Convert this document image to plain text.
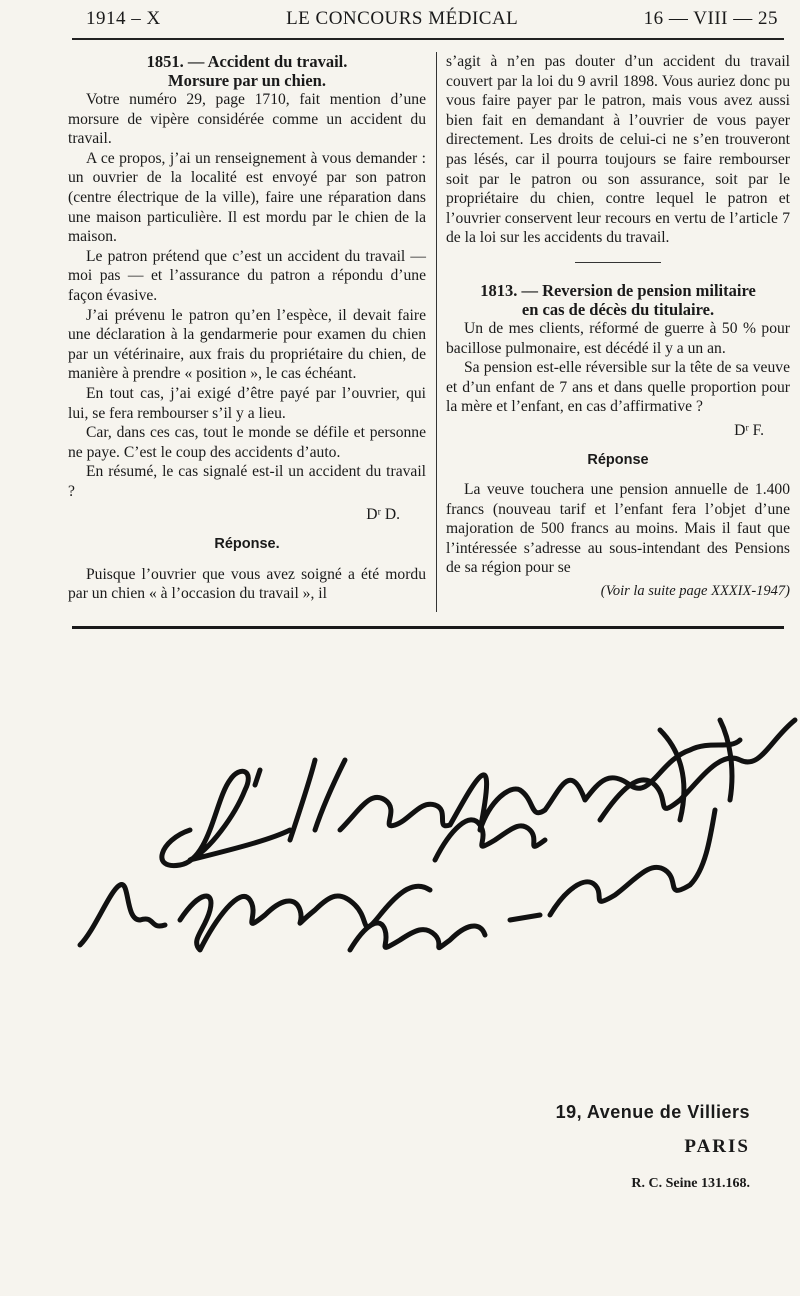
1914 – X	LE CONCOURS MÉDICAL	16 — VIII — 25

1851. — Accident du travail.
Morsure par un chien.

Votre numéro 29, page 1710, fait mention d’une morsure de vipère considérée comme un accident du travail.

A ce propos, j’ai un renseignement à vous demander : un ouvrier de la localité est envoyé par son patron (centre électrique de la ville), faire une réparation dans une maison particulière. Il est mordu par le chien de la maison.

Le patron prétend que c’est un accident du travail — moi pas — et l’assurance du patron a répondu d’une façon évasive.

J’ai prévenu le patron qu’en l’espèce, il devait faire une déclaration à la gendarmerie pour examen du chien par un vétérinaire, aux frais du propriétaire du chien, de manière à prendre « position », le cas échéant.

En tout cas, j’ai exigé d’être payé par l’ouvrier, qui lui, se fera rembourser s’il y a lieu.

Car, dans ces cas, tout le monde se défile et personne ne paye. C’est le coup des accidents d’auto.

En résumé, le cas signalé est-il un accident du travail ?

Dʳ D.

Réponse.

Puisque l’ouvrier que vous avez soigné a été mordu par un chien « à l’occasion du travail », il

s’agit à n’en pas douter d’un accident du travail couvert par la loi du 9 avril 1898. Vous auriez donc pu vous faire payer par le patron, mais vous avez aussi bien fait en demandant à l’ouvrier de vous payer directement. Les droits de celui-ci ne s’en trouveront pas lésés, car il pourra toujours se faire rembourser soit par le patron ou son assurance, soit par le propriétaire du chien, contre lequel le patron et l’ouvrier conservent leur recours en vertu de l’article 7 de la loi sur les accidents du travail.

1813. — Reversion de pension militaire
en cas de décès du titulaire.

Un de mes clients, réformé de guerre à 50 % pour bacillose pulmonaire, est décédé il y a un an.

Sa pension est-elle réversible sur la tête de sa veuve et d’un enfant de 7 ans et dans quelle proportion pour la mère et l’enfant, en cas d’affirmative ?

Dʳ F.

Réponse

La veuve touchera une pension annuelle de 1.400 francs (nouveau tarif et l’enfant fera l’objet d’une majoration de 500 francs au moins. Mais il faut que l’intéressée s’adresse au sous-intendant des Pensions de sa région pour se

(Voir la suite page XXXIX-1947)

19, Avenue de Villiers
PARIS
R. C. Seine 131.168.
